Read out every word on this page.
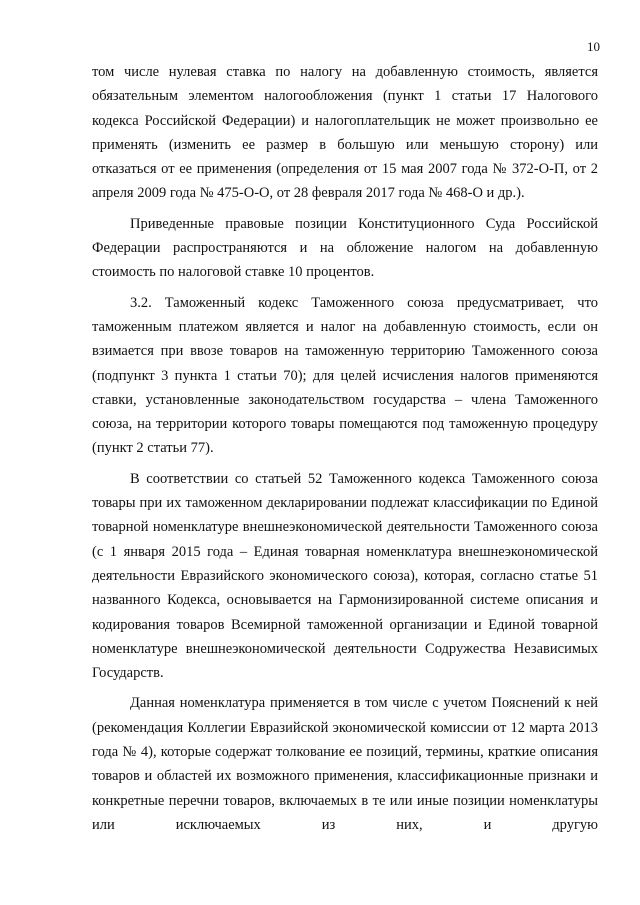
10

том числе нулевая ставка по налогу на добавленную стоимость, является обязательным элементом налогообложения (пункт 1 статьи 17 Налогового кодекса Российской Федерации) и налогоплательщик не может произвольно ее применять (изменить ее размер в большую или меньшую сторону) или отказаться от ее применения (определения от 15 мая 2007 года № 372-О-П, от 2 апреля 2009 года № 475-О-О, от 28 февраля 2017 года № 468-О и др.).

Приведенные правовые позиции Конституционного Суда Российской Федерации распространяются и на обложение налогом на добавленную стоимость по налоговой ставке 10 процентов.

3.2. Таможенный кодекс Таможенного союза предусматривает, что таможенным платежом является и налог на добавленную стоимость, если он взимается при ввозе товаров на таможенную территорию Таможенного союза (подпункт 3 пункта 1 статьи 70); для целей исчисления налогов применяются ставки, установленные законодательством государства – члена Таможенного союза, на территории которого товары помещаются под таможенную процедуру (пункт 2 статьи 77).

В соответствии со статьей 52 Таможенного кодекса Таможенного союза товары при их таможенном декларировании подлежат классификации по Единой товарной номенклатуре внешнеэкономической деятельности Таможенного союза (с 1 января 2015 года – Единая товарная номенклатура внешнеэкономической деятельности Евразийского экономического союза), которая, согласно статье 51 названного Кодекса, основывается на Гармонизированной системе описания и кодирования товаров Всемирной таможенной организации и Единой товарной номенклатуре внешнеэкономической деятельности Содружества Независимых Государств.

Данная номенклатура применяется в том числе с учетом Пояснений к ней (рекомендация Коллегии Евразийской экономической комиссии от 12 марта 2013 года № 4), которые содержат толкование ее позиций, термины, краткие описания товаров и областей их возможного применения, классификационные признаки и конкретные перечни товаров, включаемых в те или иные позиции номенклатуры или исключаемых из них, и другую
